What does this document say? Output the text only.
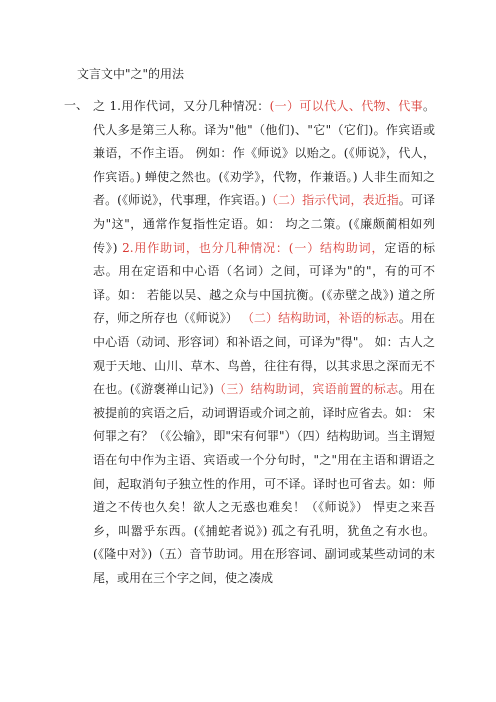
文言文中"之"的用法
一、 之 1.用作代词，又分几种情况：(一）可以代人、代物、代事。代人多是第三人称。译为"他"（他们)、"它"（它们)。作宾语或兼语，不作主语。 例如：作《师说》以贻之。(《师说》，代人，作宾语。) 蝉使之然也。(《劝学》，代物，作兼语。) 人非生而知之者。(《师说》，代事理，作宾语。)（二）指示代词，表近指。可译为"这"，通常作复指性定语。如： 均之二策。(《廉颇蔺相如列传》) 2.用作助词，也分几种情况：(一）结构助词，定语的标志。用在定语和中心语（名词）之间，可译为"的"，有的可不译。如： 若能以吴、越之众与中国抗衡。(《赤壁之战》) 道之所存，师之所存也（《师说》） （二）结构助词，补语的标志。用在中心语（动词、形容词）和补语之间，可译为"得"。 如：古人之观于天地、山川、草木、鸟兽，往往有得，以其求思之深而无不在也。(《游褒禅山记》)（三）结构助词，宾语前置的标志。用在被提前的宾语之后，动词谓语或介词之前，译时应省去。如： 宋何罪之有？（《公输》，即"宋有何罪"）（四）结构助词。当主谓短语在句中作为主语、宾语或一个分句时，"之"用在主语和谓语之间，起取消句子独立性的作用，可不译。译时也可省去。如：师道之不传也久矣！欲人之无惑也难矣！（《师说》） 悍吏之来吾乡，叫嚣乎东西。(《捕蛇者说》) 孤之有孔明，犹鱼之有水也。(《隆中对》)（五）音节助词。用在形容词、副词或某些动词的末尾，或用在三个字之间，使之凑成
